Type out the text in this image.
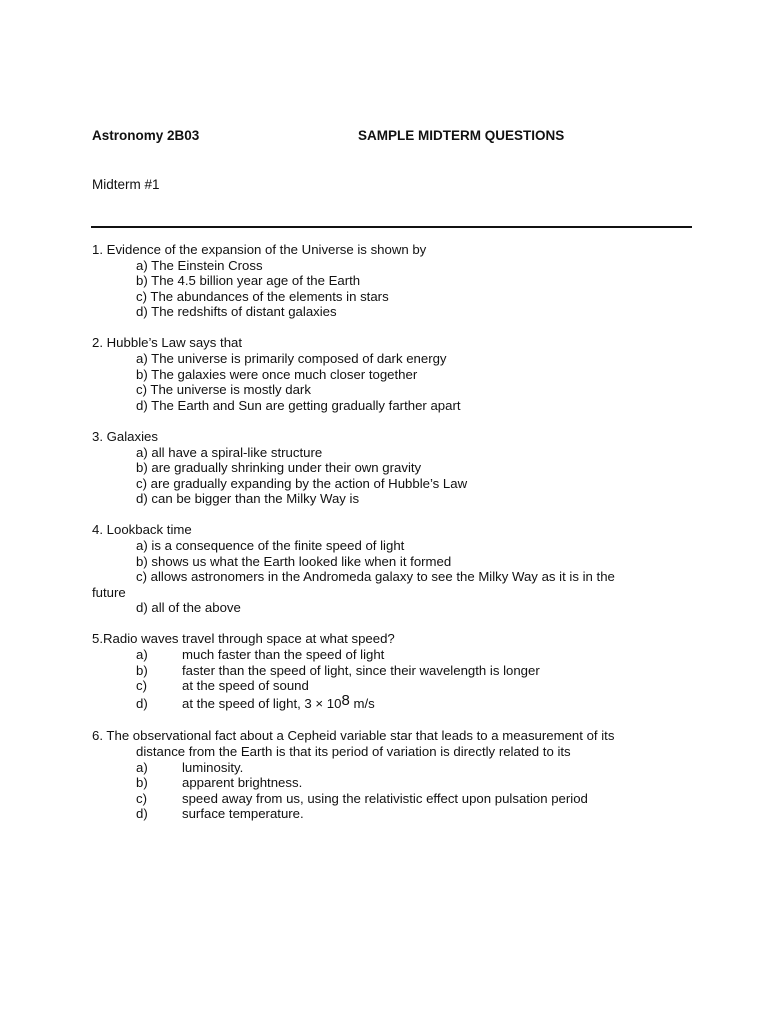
Astronomy 2B03	SAMPLE MIDTERM QUESTIONS
Midterm #1
1. Evidence of the expansion of the Universe is shown by
a) The Einstein Cross
b) The 4.5 billion year age of the Earth
c) The abundances of the elements in stars
d) The redshifts of distant galaxies
2. Hubble’s Law says that
a) The universe is primarily composed of dark energy
b) The galaxies were once much closer together
c) The universe is mostly dark
d) The Earth and Sun are getting gradually farther apart
3. Galaxies
a) all have a spiral-like structure
b) are gradually shrinking under their own gravity
c) are gradually expanding by the action of Hubble’s Law
d) can be bigger than the Milky Way is
4. Lookback time
a) is a consequence of the finite speed of light
b) shows us what the Earth looked like when it formed
c) allows astronomers in the Andromeda galaxy to see the Milky Way as it is in the
future
d) all of the above
5.Radio waves travel through space at what speed?
a)	much faster than the speed of light
b)	faster than the speed of light, since their wavelength is longer
c)	at the speed of sound
d)	at the speed of light, 3 × 108 m/s
6. The observational fact about a Cepheid variable star that leads to a measurement of its
distance from the Earth is that its period of variation is directly related to its
a)	luminosity.
b)	apparent brightness.
c)	speed away from us, using the relativistic effect upon pulsation period
d)	surface temperature.
